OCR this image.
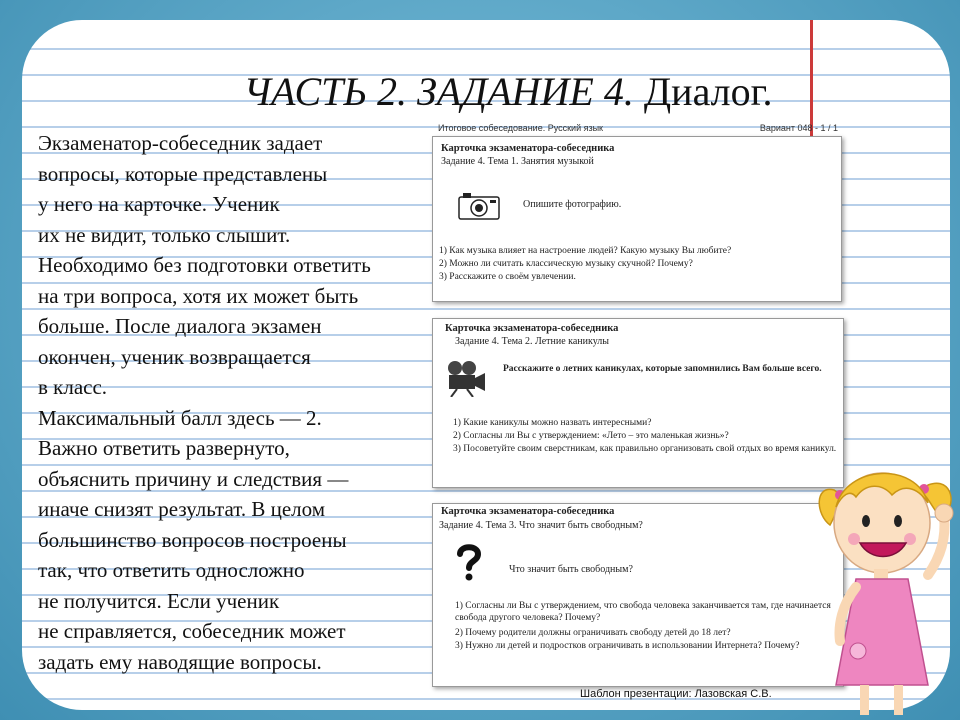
ЧАСТЬ 2. ЗАДАНИЕ 4. Диалог.

Экзаменатор-собеседник задает
вопросы, которые представлены
у него на карточке. Ученик
их не видит, только слышит.
Необходимо без подготовки ответить
на три вопроса, хотя их может быть
больше. После диалога экзамен
окончен, ученик возвращается
в класс.

Максимальный балл здесь — 2.
Важно ответить развернуто,
объяснить причину и следствия —
иначе снизят результат. В целом
большинство вопросов построены
так, что ответить односложно
не получится. Если ученик
не справляется, собеседник может
задать ему наводящие вопросы.

Итоговое собеседование. Русский язык	Вариант 048 - 1 / 1
Карточка экзаменатора-собеседника
Задание 4. Тема 1. Занятия музыкой
Опишите фотографию.
1) Как музыка влияет на настроение людей? Какую музыку Вы любите?
2) Можно ли считать классическую музыку скучной? Почему?
3) Расскажите о своём увлечении.
Карточка экзаменатора-собеседника
Задание 4. Тема 2. Летние каникулы
Расскажите о летних каникулах, которые запомнились Вам больше всего.
1) Какие каникулы можно назвать интересными?
2) Согласны ли Вы с утверждением: «Лето – это маленькая жизнь»?
3) Посоветуйте своим сверстникам, как правильно организовать свой отдых во время каникул.
Карточка экзаменатора-собеседника
Задание 4. Тема 3. Что значит быть свободным?
Что значит быть свободным?
1) Согласны ли Вы с утверждением, что свобода человека заканчивается там, где начинается свобода другого человека? Почему?
2) Почему родители должны ограничивать свободу детей до 18 лет?
3) Нужно ли детей и подростков ограничивать в использовании Интернета? Почему?
Шаблон презентации: Лазовская С.В.
